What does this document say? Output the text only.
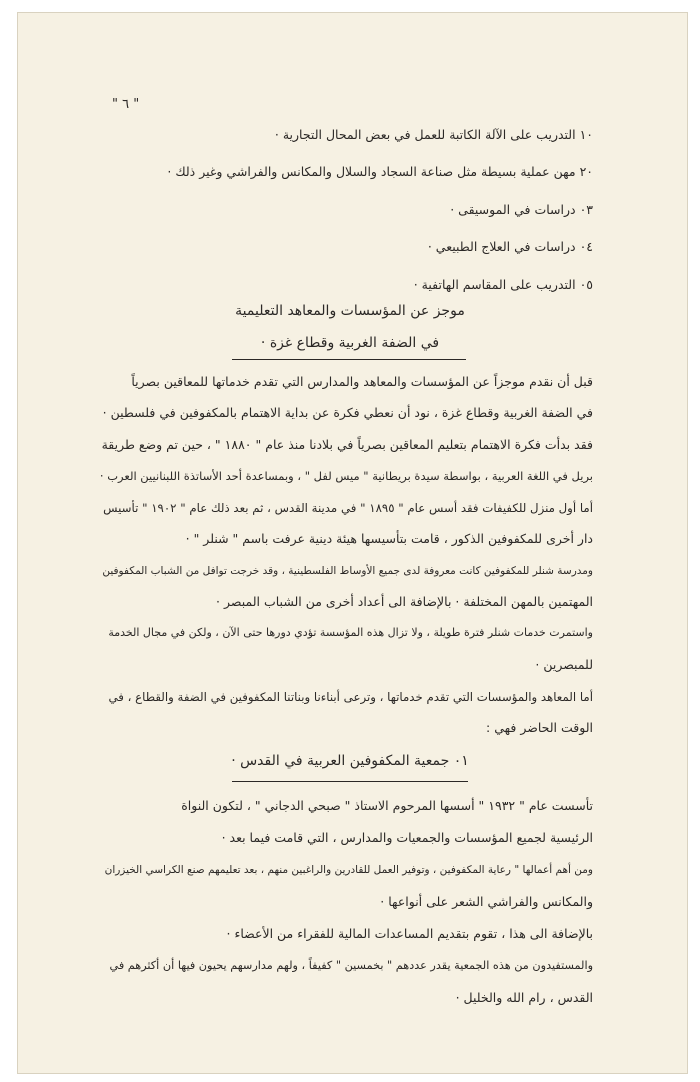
" ٦ "
١٠ التدريب على الآلة الكاتبة للعمل في بعض المحال التجارية ·
٢٠ مهن عملية بسيطة مثل صناعة السجاد والسلال والمكانس والفراشي وغير ذلك ·
٠٣ دراسات في الموسيقى ·
٠٤ دراسات في العلاج الطبيعي ·
٠٥ التدريب على المقاسم الهاتفية ·
موجز عن المؤسسات والمعاهد التعليمية
في الضفة الغربية وقطاع غزة ·
قبل أن نقدم موجزاً عن المؤسسات والمعاهد والمدارس التي تقدم خدماتها للمعاقين بصرياً
في الضفة الغربية وقطاع غزة ، نود أن نعطي فكرة عن بداية الاهتمام بالمكفوفين في فلسطين ·
فقد بدأت فكرة الاهتمام بتعليم المعاقين بصرياً في بلادنا منذ عام " ١٨٨٠ " ، حين تم وضع طريقة
بريل في اللغة العربية ، بواسطة سيدة بريطانية " ميس لفل " ، وبمساعدة أحد الأساتذة اللبنانيين العرب ·
أما أول منزل للكفيفات فقد أسس عام " ١٨٩٥ " في مدينة القدس ، ثم بعد ذلك عام " ١٩٠٢ " تأسيس
دار أخرى للمكفوفين الذكور ، قامت بتأسيسها هيئة دينية عرفت باسم " شنلر " ·
ومدرسة شنلر للمكفوفين كانت معروفة لدى جميع الأوساط الفلسطينية ، وقد خرجت توافل من الشباب المكفوفين
المهتمين بالمهن المختلفة · بالإضافة الى أعداد أخرى من الشباب المبصر ·
واستمرت خدمات شنلر فترة طويلة ، ولا تزال هذه المؤسسة تؤدي دورها حتى الآن ، ولكن في مجال الخدمة
للمبصرين ·
أما المعاهد والمؤسسات التي تقدم خدماتها ، وترعى أبناءنا وبناتنا المكفوفين في الضفة والقطاع ، في
الوقت الحاضر فهي :
٠١ جمعية المكفوفين العربية في القدس ·
تأسست عام " ١٩٣٢ " أسسها المرحوم الاستاذ " صبحي الدجاني " ، لتكون النواة
الرئيسية لجميع المؤسسات والجمعيات والمدارس ، التي قامت فيما بعد ·
ومن أهم أعمالها " رعاية المكفوفين ، وتوفير العمل للقادرين والراغبين منهم ، بعد تعليمهم صنع الكراسي الخيزران
والمكانس والفراشي الشعر على أنواعها ·
بالإضافة الى هذا ، تقوم بتقديم المساعدات المالية للفقراء من الأعضاء ·
والمستفيدون من هذه الجمعية يقدر عددهم " بخمسين " كفيفاً ، ولهم مدارسهم يحيون فيها أن أكثرهم في
القدس ، رام الله والخليل ·
